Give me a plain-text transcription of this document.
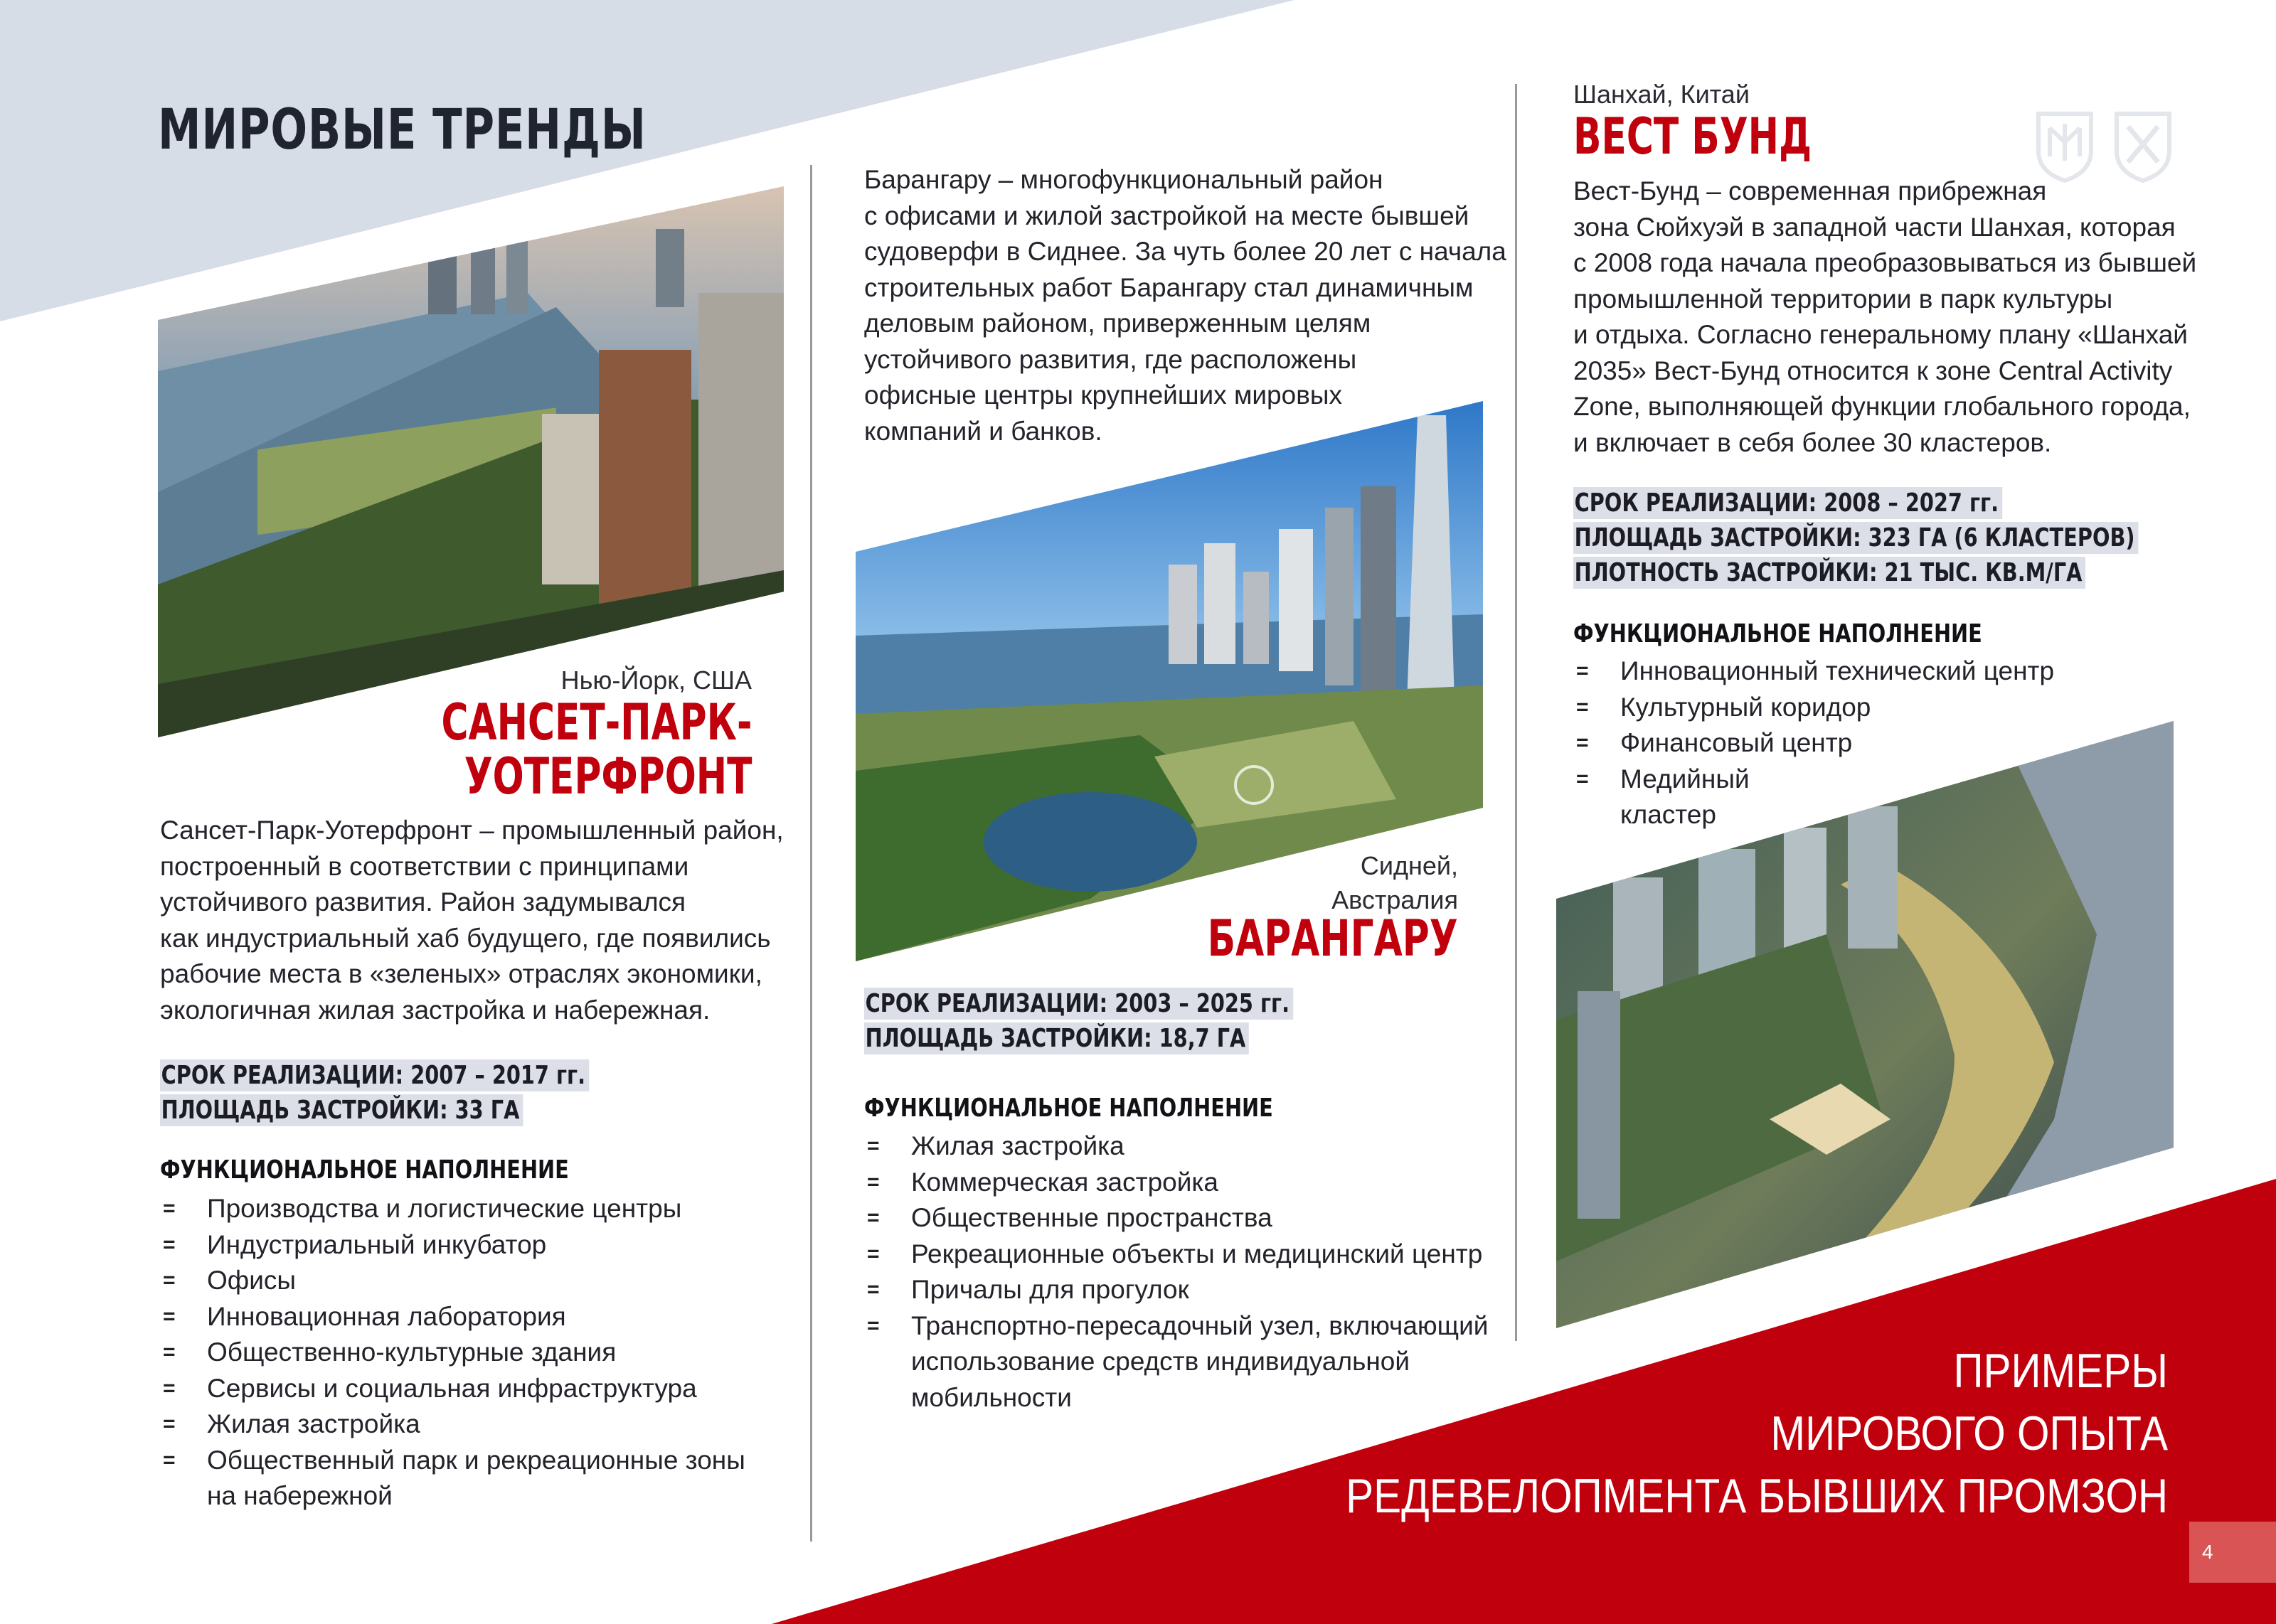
МИРОВЫЕ ТРЕНДЫ
Нью-Йорк, США
САНСЕТ-ПАРК-
УОТЕРФРОНТ

Сансет-Парк-Уотерфронт – промышленный район,

построенный в соответствии с принципами

устойчивого развития. Район задумывался

как индустриальный хаб будущего, где появились

рабочие места в «зеленых» отраслях экономики,

экологичная жилая застройка и набережная.

СРОК РЕАЛИЗАЦИИ: 2007 – 2017 гг.
ПЛОЩАДЬ ЗАСТРОЙКИ: 33 ГА
ФУНКЦИОНАЛЬНОЕ НАПОЛНЕНИЕ
= Производства и логистические центры
= Индустриальный инкубатор
= Офисы
= Инновационная лаборатория
= Общественно-культурные здания
= Сервисы и социальная инфраструктура
= Жилая застройка
= Общественный парк и рекреационные зоны
на набережной

Барангару – многофункциональный район

с офисами и жилой застройкой на месте бывшей

судоверфи в Сиднее. За чуть более 20 лет с начала

строительных работ Барангару стал динамичным

деловым районом, приверженным целям

устойчивого развития, где расположены

офисные центры крупнейших мировых

компаний и банков.

Сидней,
Австралия
БАРАНГАРУ
СРОК РЕАЛИЗАЦИИ: 2003 – 2025 гг.
ПЛОЩАДЬ ЗАСТРОЙКИ: 18,7 ГА
ФУНКЦИОНАЛЬНОЕ НАПОЛНЕНИЕ
= Жилая застройка
= Коммерческая застройка
= Общественные пространства
= Рекреационные объекты и медицинский центр
= Причалы для прогулок
= Транспортно-пересадочный узел, включающий
использование средств индивидуальной
мобильности
Шанхай, Китай
ВЕСТ БУНД

Вест-Бунд – современная прибрежная

зона Сюйхуэй в западной части Шанхая, которая

с 2008 года начала преобразовываться из бывшей

промышленной территории в парк культуры

и отдыха. Согласно генеральному плану «Шанхай

2035» Вест-Бунд относится к зоне Central Activity

Zone, выполняющей функции глобального города,

и включает в себя более 30 кластеров.

СРОК РЕАЛИЗАЦИИ: 2008 – 2027 гг.
ПЛОЩАДЬ ЗАСТРОЙКИ: 323 ГА (6 КЛАСТЕРОВ)
ПЛОТНОСТЬ ЗАСТРОЙКИ: 21 ТЫС. КВ.М/ГА
ФУНКЦИОНАЛЬНОЕ НАПОЛНЕНИЕ
= Инновационный технический центр
= Культурный коридор
= Финансовый центр
= Медийный
кластер
ПРИМЕРЫ
МИРОВОГО ОПЫТА
РЕДЕВЕЛОПМЕНТА БЫВШИХ ПРОМЗОН
4
